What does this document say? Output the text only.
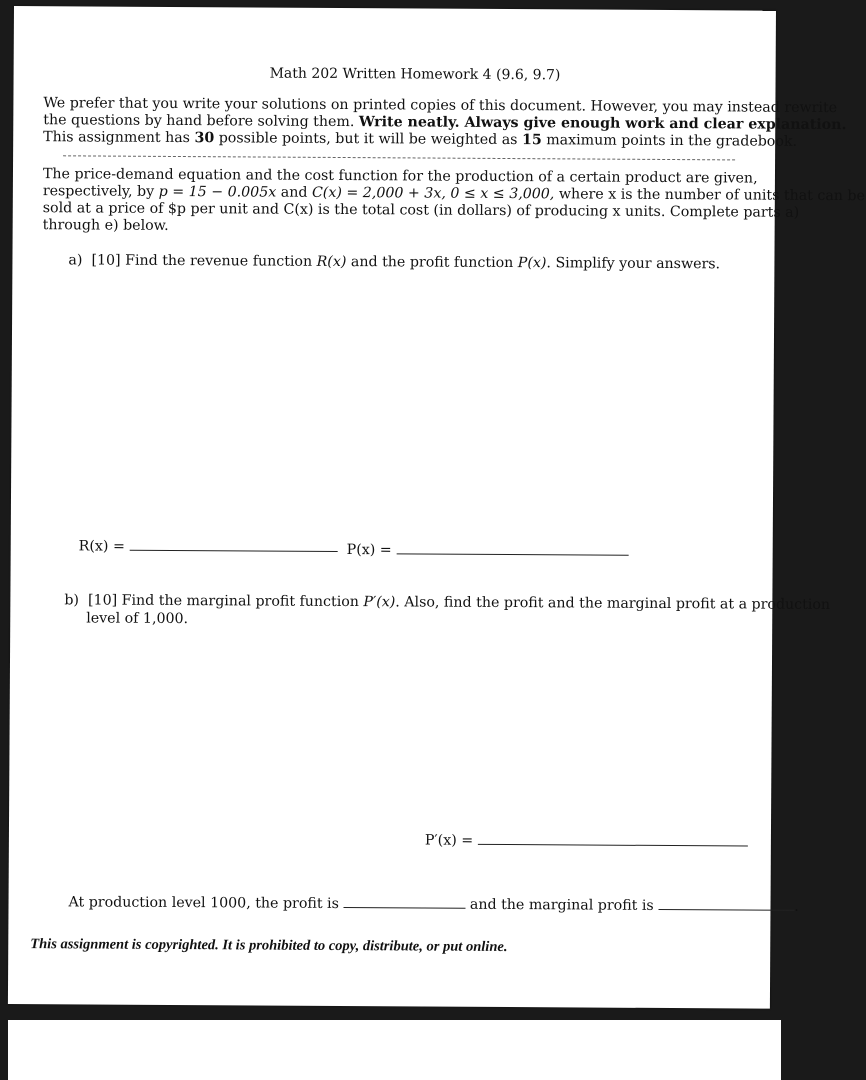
Math 202 Written Homework 4 (9.6, 9.7)
We prefer that you write your solutions on printed copies of this document. However, you may instead rewrite
the questions by hand before solving them. Write neatly. Always give enough work and clear explanation.
This assignment has 30 possible points, but it will be weighted as 15 maximum points in the gradebook.
The price-demand equation and the cost function for the production of a certain product are given,
respectively, by p = 15 − 0.005x and C(x) = 2,000 + 3x, 0 ≤ x ≤ 3,000, where x is the number of units that can be
sold at a price of $p per unit and C(x) is the total cost (in dollars) of producing x units. Complete parts a)
through e) below.
a) [10] Find the revenue function R(x) and the profit function P(x). Simplify your answers.
R(x) =	P(x) =
b) [10] Find the marginal profit function P′(x). Also, find the profit and the marginal profit at a production
level of 1,000.
P′(x) =
At production level 1000, the profit is	and the marginal profit is	.
This assignment is copyrighted. It is prohibited to copy, distribute, or put online.
